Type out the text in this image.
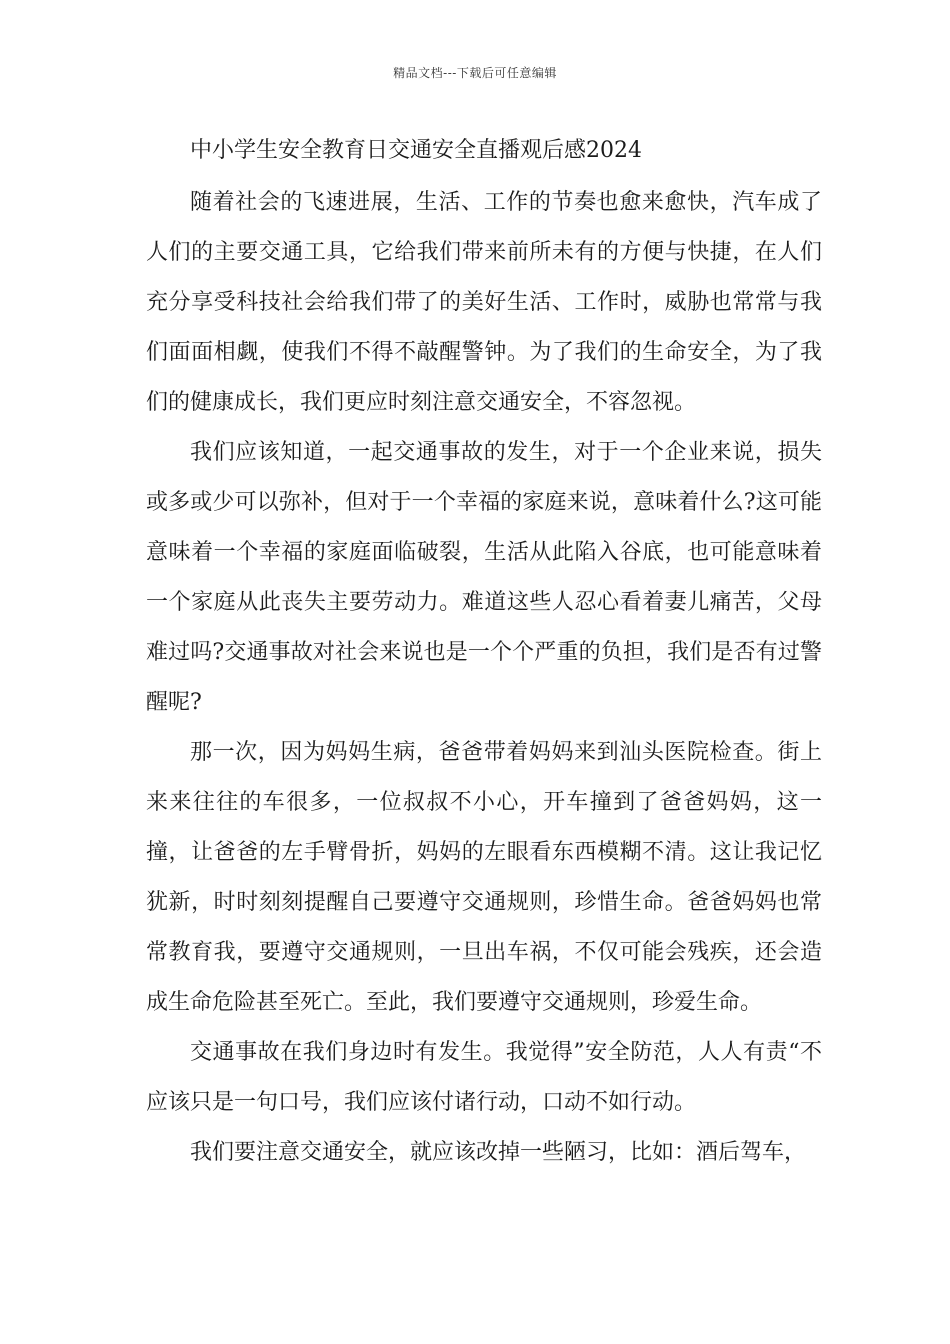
精品文档---下载后可任意编辑
中小学生安全教育日交通安全直播观后感2024

随着社会的飞速进展，生活、工作的节奏也愈来愈快，汽车成了人们的主要交通工具，它给我们带来前所未有的方便与快捷，在人们充分享受科技社会给我们带了的美好生活、工作时，威胁也常常与我们面面相觑，使我们不得不敲醒警钟。为了我们的生命安全，为了我们的健康成长，我们更应时刻注意交通安全，不容忽视。

我们应该知道，一起交通事故的发生，对于一个企业来说，损失或多或少可以弥补，但对于一个幸福的家庭来说，意味着什么?这可能意味着一个幸福的家庭面临破裂，生活从此陷入谷底，也可能意味着一个家庭从此丧失主要劳动力。难道这些人忍心看着妻儿痛苦，父母难过吗?交通事故对社会来说也是一个个严重的负担，我们是否有过警醒呢?

那一次，因为妈妈生病，爸爸带着妈妈来到汕头医院检查。街上来来往往的车很多，一位叔叔不小心，开车撞到了爸爸妈妈，这一撞，让爸爸的左手臂骨折，妈妈的左眼看东西模糊不清。这让我记忆犹新，时时刻刻提醒自己要遵守交通规则，珍惜生命。爸爸妈妈也常常教育我，要遵守交通规则，一旦出车祸，不仅可能会残疾，还会造成生命危险甚至死亡。至此，我们要遵守交通规则，珍爱生命。

交通事故在我们身边时有发生。我觉得”安全防范，人人有责“不应该只是一句口号，我们应该付诸行动，口动不如行动。

我们要注意交通安全，就应该改掉一些陋习，比如：酒后驾车，
